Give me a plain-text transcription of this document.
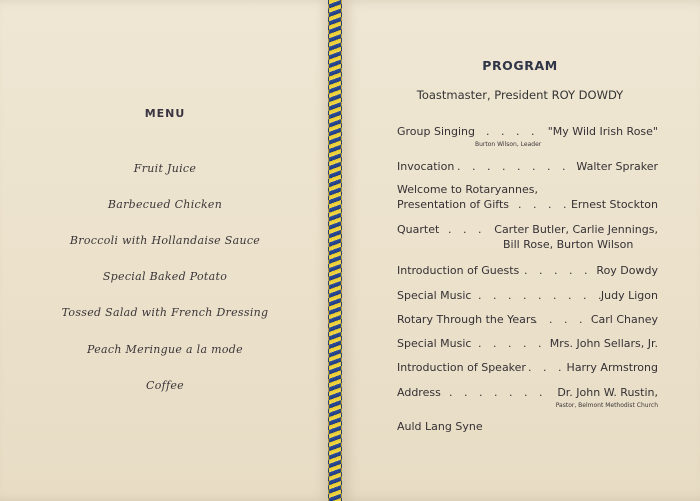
MENU
Fruit Juice
Barbecued Chicken
Broccoli with Hollandaise Sauce
Special Baked Potato
Tossed Salad with French Dressing
Peach Meringue a la mode
Coffee
PROGRAM
Toastmaster, President ROY DOWDY
Group Singing . . . . "My Wild Irish Rose"
Burton Wilson, Leader
Invocation . . . . . . . . .
Walter Spraker
Welcome to Rotaryannes,
Presentation of Gifts . . . . Ernest Stockton
Quartet . . . Carter Butler, Carlie Jennings,
Bill Rose, Burton Wilson
Introduction of Guests . . . . . Roy Dowdy
Special Music . . . . . . . . .
Judy Ligon
Rotary Through the Years
. . . . Carl Chaney
Special Music . . . . . Mrs. John Sellars, Jr.
Introduction of Speaker . . . Harry Armstrong
Address . . . . . . . Dr. John W. Rustin,
Pastor, Belmont Methodist Church
Auld Lang Syne
